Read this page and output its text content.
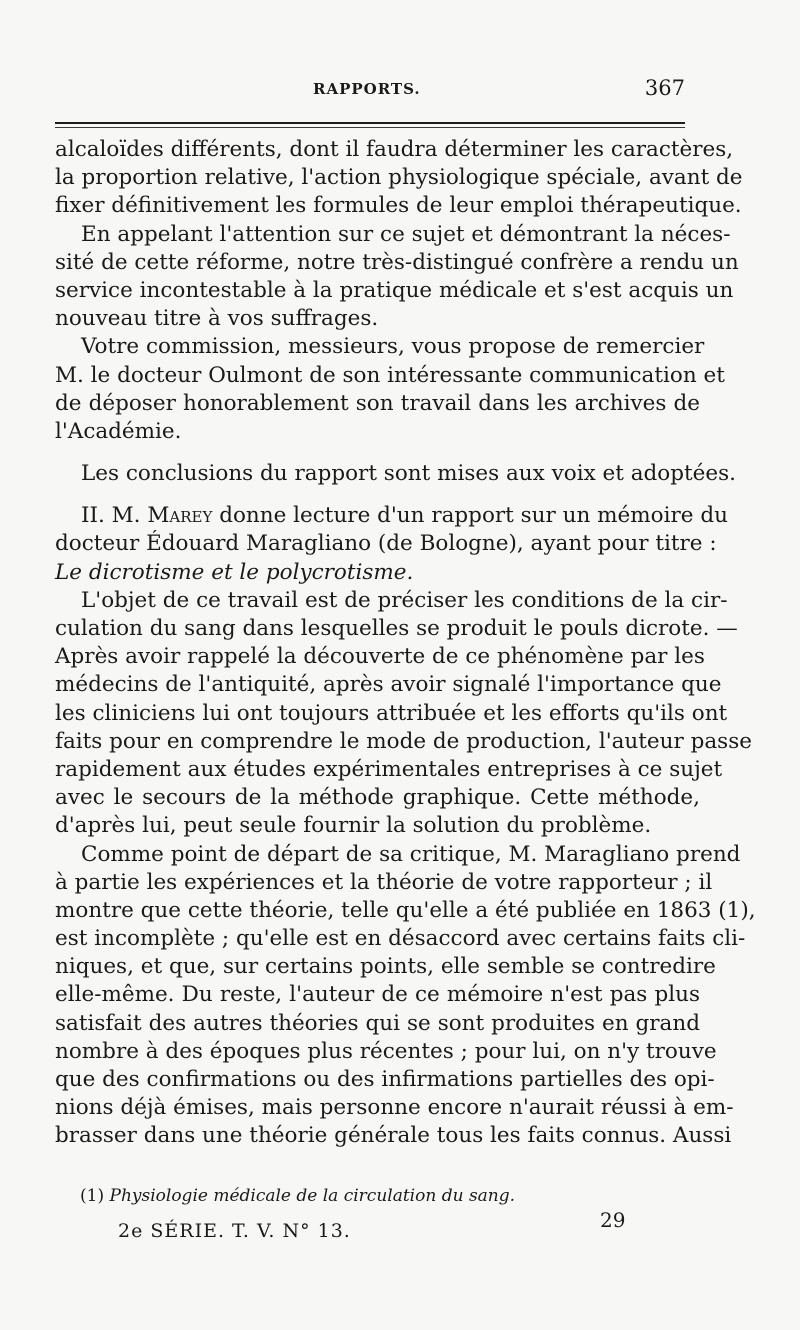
RAPPORTS.	367
alcaloïdes différents, dont il faudra déterminer les caractères,
la proportion relative, l'action physiologique spéciale, avant de
fixer définitivement les formules de leur emploi thérapeutique.
En appelant l'attention sur ce sujet et démontrant la néces-
sité de cette réforme, notre très-distingué confrère a rendu un
service incontestable à la pratique médicale et s'est acquis un
nouveau titre à vos suffrages.
Votre commission, messieurs, vous propose de remercier
M. le docteur Oulmont de son intéressante communication et
de déposer honorablement son travail dans les archives de
l'Académie.
Les conclusions du rapport sont mises aux voix et adoptées.
II. M. Marey donne lecture d'un rapport sur un mémoire du
docteur Édouard Maragliano (de Bologne), ayant pour titre :
Le dicrotisme et le polycrotisme.
L'objet de ce travail est de préciser les conditions de la cir-
culation du sang dans lesquelles se produit le pouls dicrote. —
Après avoir rappelé la découverte de ce phénomène par les
médecins de l'antiquité, après avoir signalé l'importance que
les cliniciens lui ont toujours attribuée et les efforts qu'ils ont
faits pour en comprendre le mode de production, l'auteur passe
rapidement aux études expérimentales entreprises à ce sujet
avec le secours de la méthode graphique. Cette méthode,
d'après lui, peut seule fournir la solution du problème.
Comme point de départ de sa critique, M. Maragliano prend
à partie les expériences et la théorie de votre rapporteur ; il
montre que cette théorie, telle qu'elle a été publiée en 1863 (1),
est incomplète ; qu'elle est en désaccord avec certains faits cli-
niques, et que, sur certains points, elle semble se contredire
elle-même. Du reste, l'auteur de ce mémoire n'est pas plus
satisfait des autres théories qui se sont produites en grand
nombre à des époques plus récentes ; pour lui, on n'y trouve
que des confirmations ou des infirmations partielles des opi-
nions déjà émises, mais personne encore n'aurait réussi à em-
brasser dans une théorie générale tous les faits connus. Aussi
(1) Physiologie médicale de la circulation du sang.
2e SÉRIE. T. V. N° 13.	29
